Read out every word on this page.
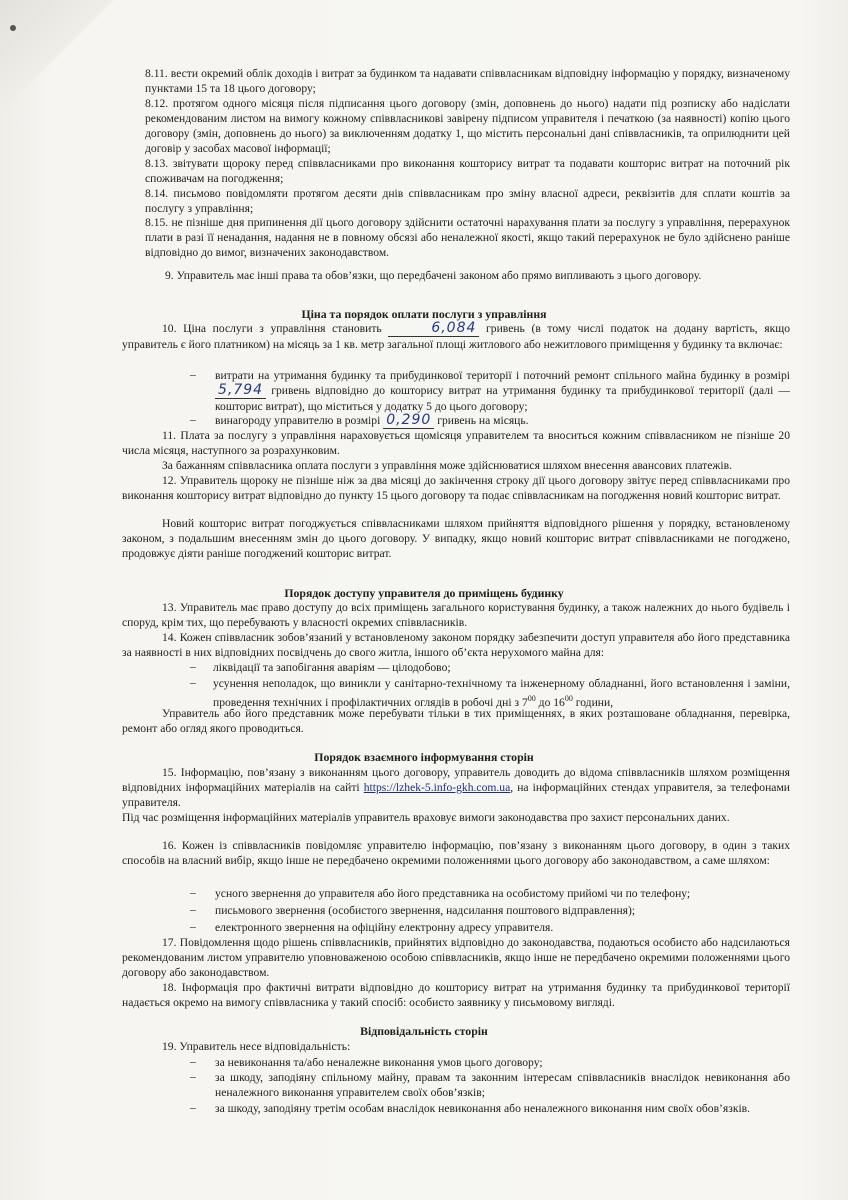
8.11. вести окремий облік доходів і витрат за будинком та надавати співвласникам відповідну інформацію у порядку, визначеному пунктами 15 та 18 цього договору;
8.12. протягом одного місяця після підписання цього договору (змін, доповнень до нього) надати під розписку або надіслати рекомендованим листом на вимогу кожному співвласникові завірену підписом управителя і печаткою (за наявності) копію цього договору (змін, доповнень до нього) за виключенням додатку 1, що містить персональні дані співвласників, та оприлюднити цей договір у засобах масової інформації;
8.13. звітувати щороку перед співвласниками про виконання кошторису витрат та подавати кошторис витрат на поточний рік споживачам на погодження;
8.14. письмово повідомляти протягом десяти днів співвласникам про зміну власної адреси, реквізитів для сплати коштів за послугу з управління;
8.15. не пізніше дня припинення дії цього договору здійснити остаточні нарахування плати за послугу з управління, перерахунок плати в разі її ненадання, надання не в повному обсязі або неналежної якості, якщо такий перерахунок не було здійснено раніше відповідно до вимог, визначених законодавством.
9. Управитель має інші права та обов’язки, що передбачені законом або прямо випливають з цього договору.
Ціна та порядок оплати послуги з управління
10. Ціна послуги з управління становить	6,084 гривень (в тому числі податок на додану вартість, якщо управитель є його платником) на місяць за 1 кв. метр загальної площі житлового або нежитлового приміщення у будинку та включає:
– витрати на утримання будинку та прибудинкової території і поточний ремонт спільного майна будинку в розмірі 5,794 гривень відповідно до кошторису витрат на утримання будинку та прибудинкової території (далі — кошторис витрат), що міститься у додатку 5 до цього договору;
– винагороду управителю в розмірі 0,290 гривень на місяць.
11. Плата за послугу з управління нараховується щомісяця управителем та вноситься кожним співвласником не пізніше 20 числа місяця, наступного за розрахунковим.
За бажанням співвласника оплата послуги з управління може здійснюватися шляхом внесення авансових платежів.
12. Управитель щороку не пізніше ніж за два місяці до закінчення строку дії цього договору звітує перед співвласниками про виконання кошторису витрат відповідно до пункту 15 цього договору та подає співвласникам на погодження новий кошторис витрат.
Новий кошторис витрат погоджується співвласниками шляхом прийняття відповідного рішення у порядку, встановленому законом, з подальшим внесенням змін до цього договору. У випадку, якщо новий кошторис витрат співвласниками не погоджено, продовжує діяти раніше погоджений кошторис витрат.
Порядок доступу управителя до приміщень будинку
13. Управитель має право доступу до всіх приміщень загального користування будинку, а також належних до нього будівель і споруд, крім тих, що перебувають у власності окремих співвласників.
14. Кожен співвласник зобов’язаний у встановленому законом порядку забезпечити доступ управителя або його представника за наявності в них відповідних посвідчень до свого житла, іншого об’єкта нерухомого майна для:
– ліквідації та запобігання аваріям — цілодобово;
– усунення неполадок, що виникли у санітарно-технічному та інженерному обладнанні, його встановлення і заміни, проведення технічних і профілактичних оглядів в робочі дні з $7^{00}$ до $16^{00}$ години,
Управитель або його представник може перебувати тільки в тих приміщеннях, в яких розташоване обладнання, перевірка, ремонт або огляд якого проводиться.
Порядок взаємного інформування сторін
15. Інформацію, пов’язану з виконанням цього договору, управитель доводить до відома співвласників шляхом розміщення відповідних інформаційних матеріалів на сайті https://lzhek-5.info-gkh.com.ua, на інформаційних стендах управителя, за телефонами управителя.
Під час розміщення інформаційних матеріалів управитель враховує вимоги законодавства про захист персональних даних.
16. Кожен із співвласників повідомляє управителю інформацію, пов’язану з виконанням цього договору, в один з таких способів на власний вибір, якщо інше не передбачено окремими положеннями цього договору або законодавством, а саме шляхом:
– усного звернення до управителя або його представника на особистому прийомі чи по телефону;
– письмового звернення (особистого звернення, надсилання поштового відправлення);
– електронного звернення на офіційну електронну адресу управителя.
17. Повідомлення щодо рішень співвласників, прийнятих відповідно до законодавства, подаються особисто або надсилаються рекомендованим листом управителю уповноваженою особою співвласників, якщо інше не передбачено окремими положеннями цього договору або законодавством.
18. Інформація про фактичні витрати відповідно до кошторису витрат на утримання будинку та прибудинкової території надається окремо на вимогу співвласника у такий спосіб: особисто заявнику у письмовому вигляді.
Відповідальність сторін
19. Управитель несе відповідальність:
– за невиконання та/або неналежне виконання умов цього договору;
– за шкоду, заподіяну спільному майну, правам та законним інтересам співвласників внаслідок невиконання або неналежного виконання управителем своїх обов’язків;
– за шкоду, заподіяну третім особам внаслідок невиконання або неналежного виконання ним своїх обов’язків.
